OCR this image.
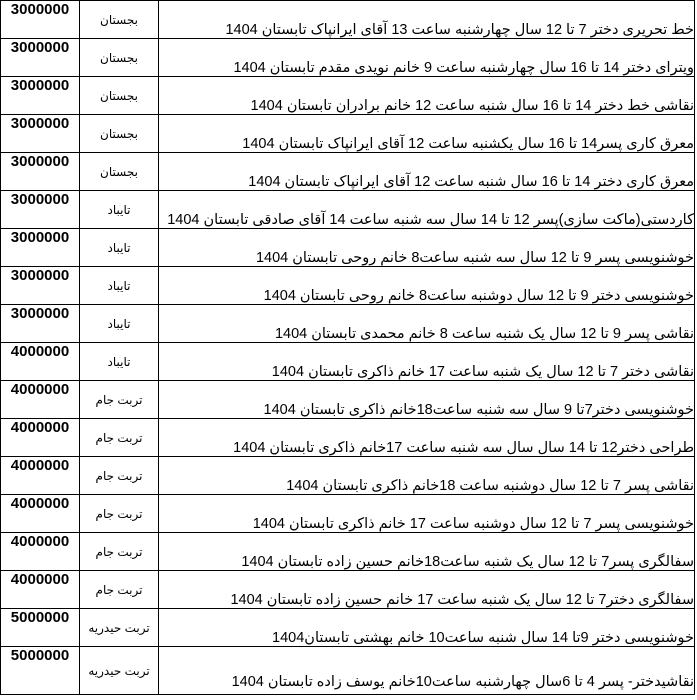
3000000	بجستان	خط تحریری دختر 7 تا 12 سال چهارشنبه ساعت 13 آقای ایرانپاک تابستان 1404
3000000	بجستان	ویترای دختر 14 تا 16 سال چهارشنبه ساعت 9 خانم نویدی مقدم تابستان 1404
3000000	بجستان	نقاشی خط دختر 14 تا 16 سال شنبه ساعت 12 خانم برادران تابستان 1404
3000000	بجستان	معرق کاری پسر14 تا 16 سال یکشنبه ساعت 12 آقای ایرانپاک تابستان 1404
3000000	بجستان	معرق کاری دختر 14 تا 16 سال شنبه ساعت 12 آقای ایرانپاک تابستان 1404
3000000	تایباد	کاردستی(ماکت سازی)پسر 12 تا 14 سال سه شنبه ساعت 14 آقای صادقی تابستان 1404
3000000	تایباد	خوشنویسی پسر 9 تا 12 سال سه شنبه ساعت8 خانم روحی تابستان 1404
3000000	تایباد	خوشنویسی دختر 9 تا 12 سال دوشنبه ساعت8 خانم روحی تابستان 1404
3000000	تایباد	نقاشی پسر 9 تا 12 سال یک شنبه ساعت 8 خانم محمدی تابستان 1404
4000000	تایباد	نقاشی دختر 7 تا 12 سال یک شنبه ساعت 17 خانم ذاکری تابستان 1404
4000000	تربت جام	خوشنویسی دختر7تا 9 سال سه شنبه ساعت18خانم ذاکری تابستان 1404
4000000	تربت جام	طراحی دختر12 تا 14 سال سال سه شنبه ساعت 17خانم ذاکری تابستان 1404
4000000	تربت جام	نقاشی پسر 7 تا 12 سال دوشنبه ساعت 18خانم ذاکری تابستان 1404
4000000	تربت جام	خوشنویسی پسر 7 تا 12 سال دوشنبه ساعت 17 خانم ذاکری تابستان 1404
4000000	تربت جام	سفالگری پسر7 تا 12 سال یک شنبه ساعت18خانم حسین زاده تابستان 1404
4000000	تربت جام	سفالگری دختر7 تا 12 سال یک شنبه ساعت 17 خانم حسین زاده تابستان 1404
5000000	تربت حیدریه	خوشنویسی دختر 9تا 14 سال شنبه ساعت10 خانم بهشتی تابستان1404
5000000	تربت حیدریه	نقاشیدختر- پسر 4 تا 6سال چهارشنبه ساعت10خانم یوسف زاده تابستان 1404
